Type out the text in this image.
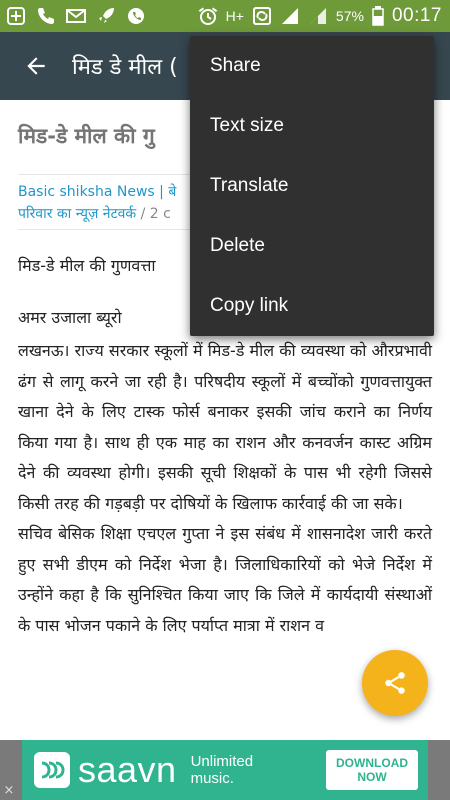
H+	57% 00:17
मिड डे मील (
मिड-डे मील की गु
Basic shiksha News | बे
परिवार का न्यूज़ नेटवर्क / 2 c
मिड-डे मील की गुणवत्ता
अमर उजाला ब्यूरो

लखनऊ। राज्य सरकार स्कूलों में मिड-डे मील की व्यवस्था को औरप्रभावी ढंग से लागू करने जा रही है। परिषदीय स्कूलों में बच्चोंको गुणवत्तायुक्त खाना देने के लिए टास्क फोर्स बनाकर इसकी जांच कराने का निर्णय किया गया है। साथ ही एक माह का राशन और कनवर्जन कास्ट अग्रिम देने की व्यवस्था होगी। इसकी सूची शिक्षकों के पास भी रहेगी जिससे किसी तरह की गड़बड़ी पर दोषियों के खिलाफ कार्रवाई की जा सके।

सचिव बेसिक शिक्षा एचएल गुप्ता ने इस संबंध में शासनादेश जारी करते हुए सभी डीएम को निर्देश भेजा है। जिलाधिकारियों को भेजे निर्देश में उन्होंने कहा है कि सुनिश्चित किया जाए कि जिले में कार्यदायी संस्थाओं के पास भोजन पकाने के लिए पर्याप्त मात्रा में राशन व

Share
Text size
Translate
Delete
Copy link
saavn Unlimited music.
DOWNLOAD NOW
×
